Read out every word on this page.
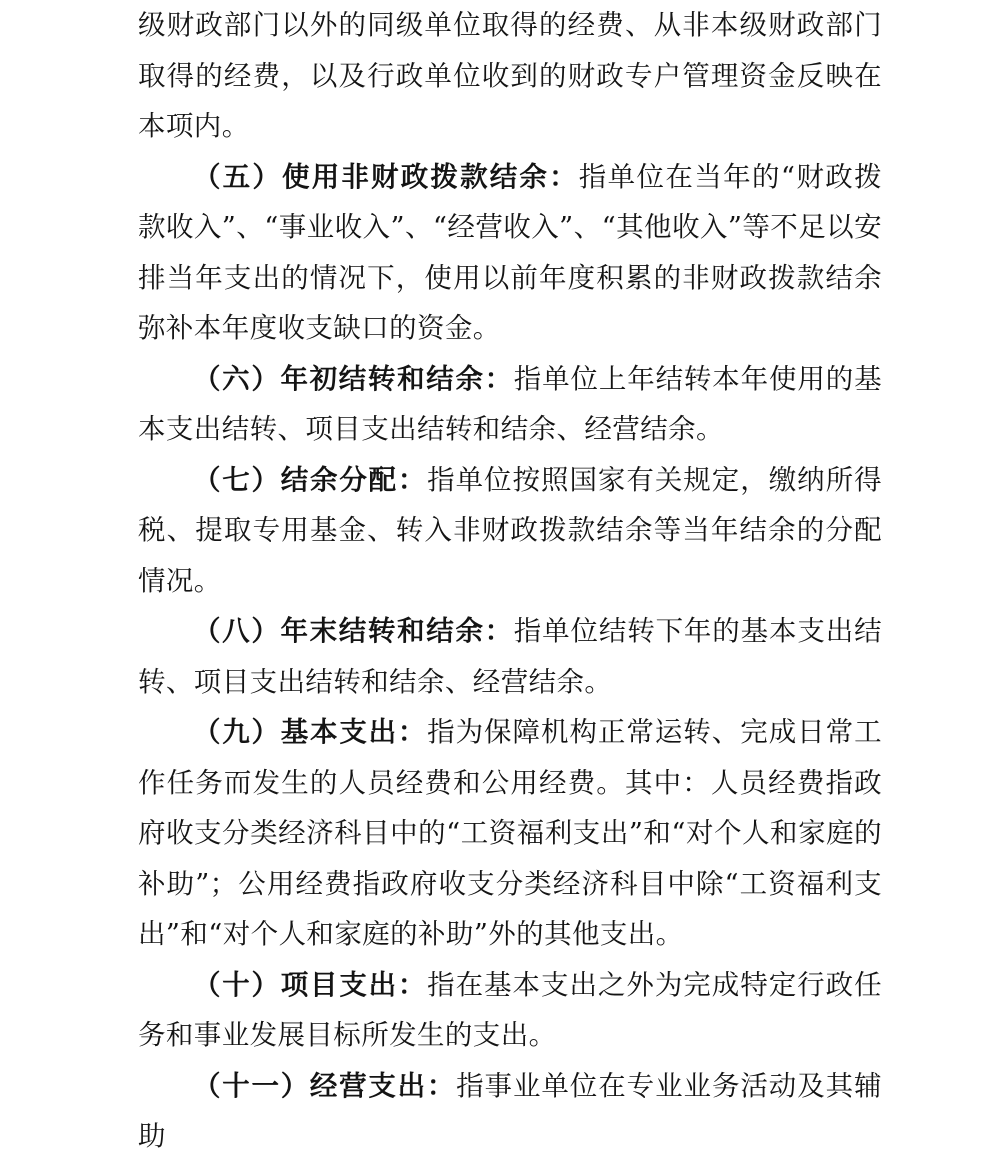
级财政部门以外的同级单位取得的经费、从非本级财政部门取得的经费，以及行政单位收到的财政专户管理资金反映在本项内。

（五）使用非财政拨款结余：指单位在当年的“财政拨款收入”、“事业收入”、“经营收入”、“其他收入”等不足以安排当年支出的情况下，使用以前年度积累的非财政拨款结余弥补本年度收支缺口的资金。

（六）年初结转和结余：指单位上年结转本年使用的基本支出结转、项目支出结转和结余、经营结余。

（七）结余分配：指单位按照国家有关规定，缴纳所得税、提取专用基金、转入非财政拨款结余等当年结余的分配情况。

（八）年末结转和结余：指单位结转下年的基本支出结转、项目支出结转和结余、经营结余。

（九）基本支出：指为保障机构正常运转、完成日常工作任务而发生的人员经费和公用经费。其中：人员经费指政府收支分类经济科目中的“工资福利支出”和“对个人和家庭的补助”；公用经费指政府收支分类经济科目中除“工资福利支出”和“对个人和家庭的补助”外的其他支出。

（十）项目支出：指在基本支出之外为完成特定行政任务和事业发展目标所发生的支出。

（十一）经营支出：指事业单位在专业业务活动及其辅助
